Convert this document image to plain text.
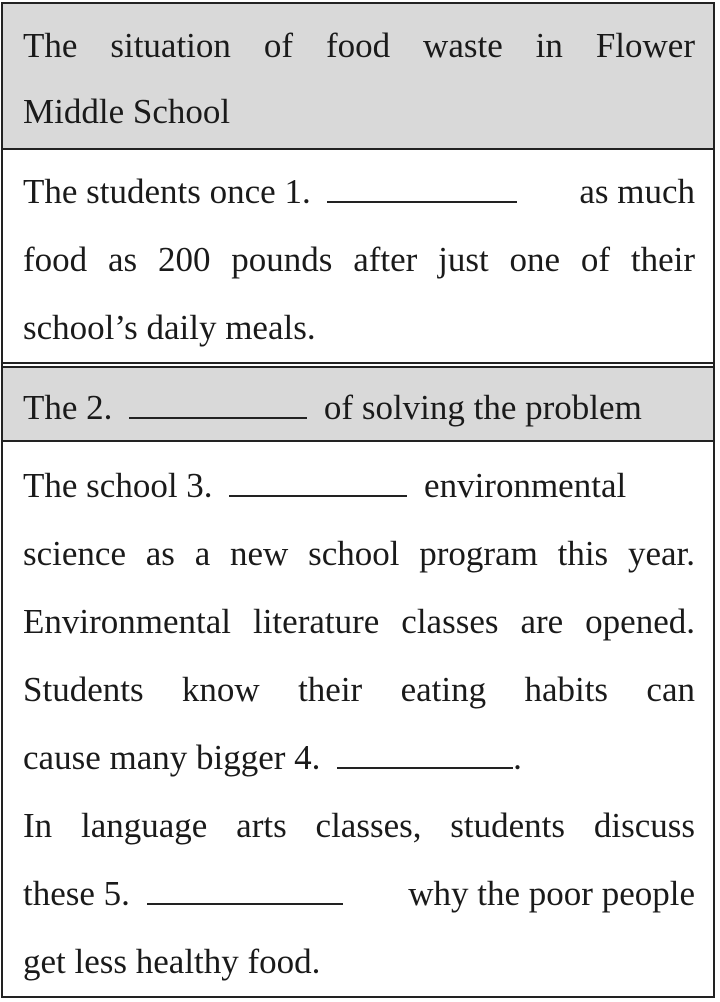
The situation of food waste in Flower
Middle School
The students once 1.	as much
food as 200 pounds after just one of their
school’s daily meals.
The 2.	of solving the problem
The school 3.	environmental
science as a new school program this year.
Environmental literature classes are opened.
Students know their eating habits can
cause many bigger 4.	.
In language arts classes, students discuss
these 5.	why the poor people
get less healthy food.
